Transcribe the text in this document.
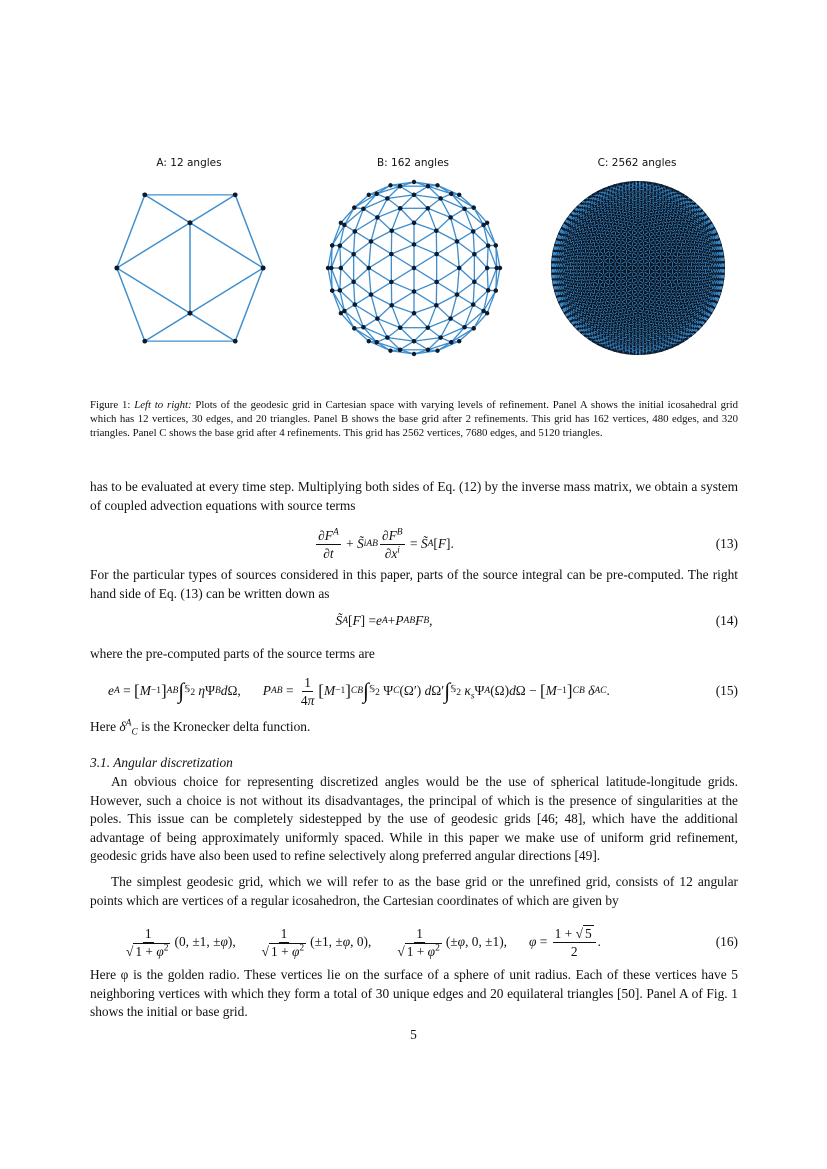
A: 12 angles	B: 162 angles	C: 2562 angles
Figure 1: Left to right: Plots of the geodesic grid in Cartesian space with varying levels of refinement. Panel A shows the initial icosahedral grid which has 12 vertices, 30 edges, and 20 triangles. Panel B shows the base grid after 2 refinements. This grid has 162 vertices, 480 edges, and 320 triangles. Panel C shows the base grid after 4 refinements. This grid has 2562 vertices, 7680 edges, and 5120 triangles.
has to be evaluated at every time step. Multiplying both sides of Eq. (12) by the inverse mass matrix, we obtain a system of coupled advection equations with source terms
$\frac{\partial F^A}{\partial t}$ + S̃ iA B $\frac{\partial F^B}{\partial x^i}$ = S̃ A [ F ].	(13)
For the particular types of sources considered in this paper, parts of the source integral can be pre-computed. The right hand side of Eq. (13) can be written down as
S̃ A [ F ] = e A + P A B F B ,	(14)
where the pre-computed parts of the source terms are
e A = [ M −1 ] A B ∫ 𝕊$_2$
η Ψ B d Ω, P A $B = \frac{1}{4\pi}$ [ M −1 ] C B ∫ 𝕊$_2$ Ψ C (Ω′) d Ω′ ∫ 𝕊$_2$
$\kappa_s$ Ψ A (Ω) d Ω − [ M −1 ] C B
δ A C .	(15)
Here $\delta^A_C$ is the Kronecker delta function.
3.1. Angular discretization
An obvious choice for representing discretized angles would be the use of spherical latitude-longitude grids. However, such a choice is not without its disadvantages, the principal of which is the presence of singularities at the poles. This issue can be completely sidestepped by the use of geodesic grids [46; 48], which have the additional advantage of being approximately uniformly spaced. While in this paper we make use of uniform grid refinement, geodesic grids have also been used to refine selectively along preferred angular directions [49].
The simplest geodesic grid, which we will refer to as the base grid or the unrefined grid, consists of 12 angular points which are vertices of a regular icosahedron, the Cartesian coordinates of which are given by
$\frac{1}{√ 1 + \varphi^2} (0$, ±1, ± φ ), $\frac{1}{√ 1 + \varphi^2} (\pm 1$, ± φ , 0), $\frac{1}{√ 1 + \varphi^2}$ (± φ , 0, ±1), $\varphi = \frac{1 + √ 5}{2}$ .	(16)
Here φ is the golden radio. These vertices lie on the surface of a sphere of unit radius. Each of these vertices have 5 neighboring vertices with which they form a total of 30 unique edges and 20 equilateral triangles [50]. Panel A of Fig. 1 shows the initial or base grid.
5
